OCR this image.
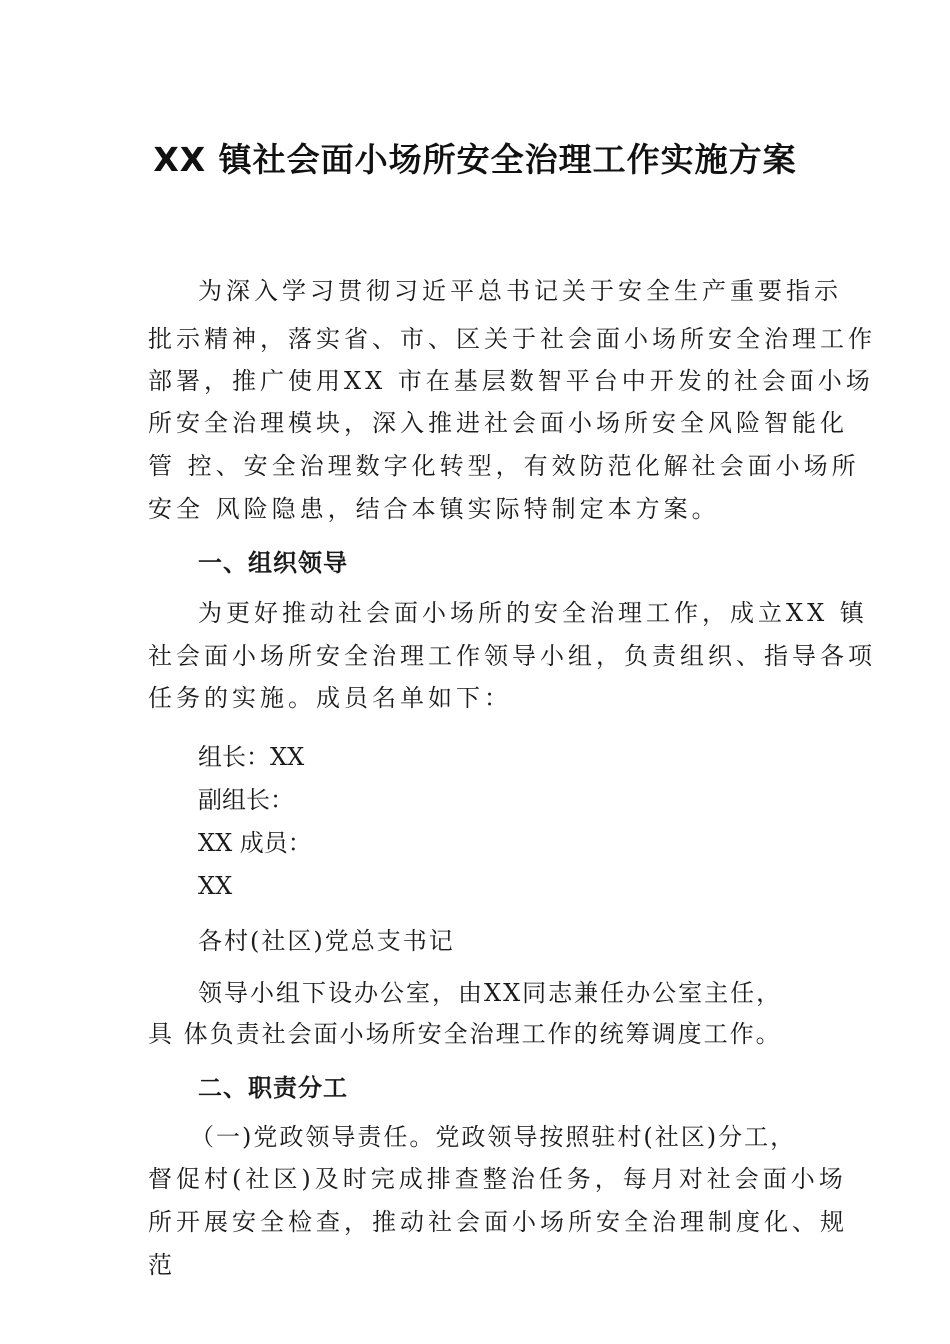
XX 镇社会面小场所安全治理工作实施方案
为深入学习贯彻习近平总书记关于安全生产重要指示
批示精神，落实省、市、区关于社会面小场所安全治理工作
部署，推广使用XX 市在基层数智平台中开发的社会面小场
所安全治理模块，深入推进社会面小场所安全风险智能化
管 控、安全治理数字化转型，有效防范化解社会面小场所
安全 风险隐患，结合本镇实际特制定本方案。
一、组织领导
为更好推动社会面小场所的安全治理工作，成立XX 镇
社会面小场所安全治理工作领导小组，负责组织、指导各项
任务的实施。成员名单如下：
组长：XX
副组长：
XX 成员：
XX
各村(社区)党总支书记
领导小组下设办公室，由XX同志兼任办公室主任，
具 体负责社会面小场所安全治理工作的统筹调度工作。
二、职责分工
（一)党政领导责任。党政领导按照驻村(社区)分工，
督促村(社区)及时完成排查整治任务，每月对社会面小场
所开展安全检查，推动社会面小场所安全治理制度化、规
范
